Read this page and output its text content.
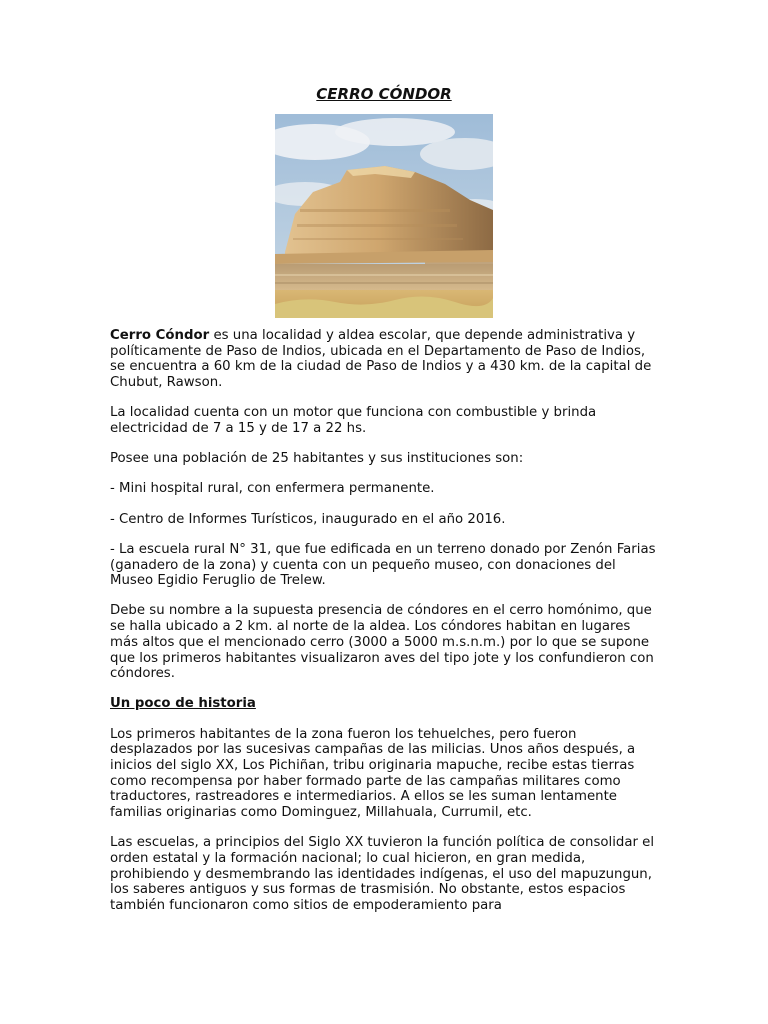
CERRO CÓNDOR

Cerro Cóndor es una localidad y aldea escolar, que depende administrativa y políticamente de Paso de Indios, ubicada en el Departamento de Paso de Indios, se encuentra a 60 km de la ciudad de Paso de Indios y a 430 km. de la capital de Chubut, Rawson.

La localidad cuenta con un motor que funciona con combustible y brinda electricidad de 7 a 15 y de 17 a 22 hs.

Posee una población de 25 habitantes y sus instituciones son:

- Mini hospital rural, con enfermera permanente.

- Centro de Informes Turísticos, inaugurado en el año 2016.

- La escuela rural N° 31, que fue edificada en un terreno donado por Zenón Farias (ganadero de la zona) y cuenta con un pequeño museo, con donaciones del Museo Egidio Feruglio de Trelew.

Debe su nombre a la supuesta presencia de cóndores en el cerro homónimo, que se halla ubicado a 2 km. al norte de la aldea. Los cóndores habitan en lugares más altos que el mencionado cerro (3000 a 5000 m.s.n.m.) por lo que se supone que los primeros habitantes visualizaron aves del tipo jote y los confundieron con cóndores.

Un poco de historia

Los primeros habitantes de la zona fueron los tehuelches, pero fueron desplazados por las sucesivas campañas de las milicias. Unos años después, a inicios del siglo XX, Los Pichiñan, tribu originaria mapuche, recibe estas tierras como recompensa por haber formado parte de las campañas militares como traductores, rastreadores e intermediarios. A ellos se les suman lentamente familias originarias como Dominguez, Millahuala, Currumil, etc.

Las escuelas, a principios del Siglo XX tuvieron la función política de consolidar el orden estatal y la formación nacional; lo cual hicieron, en gran medida, prohibiendo y desmembrando las identidades indígenas, el uso del mapuzungun, los saberes antiguos y sus formas de trasmisión. No obstante, estos espacios también funcionaron como sitios de empoderamiento para
